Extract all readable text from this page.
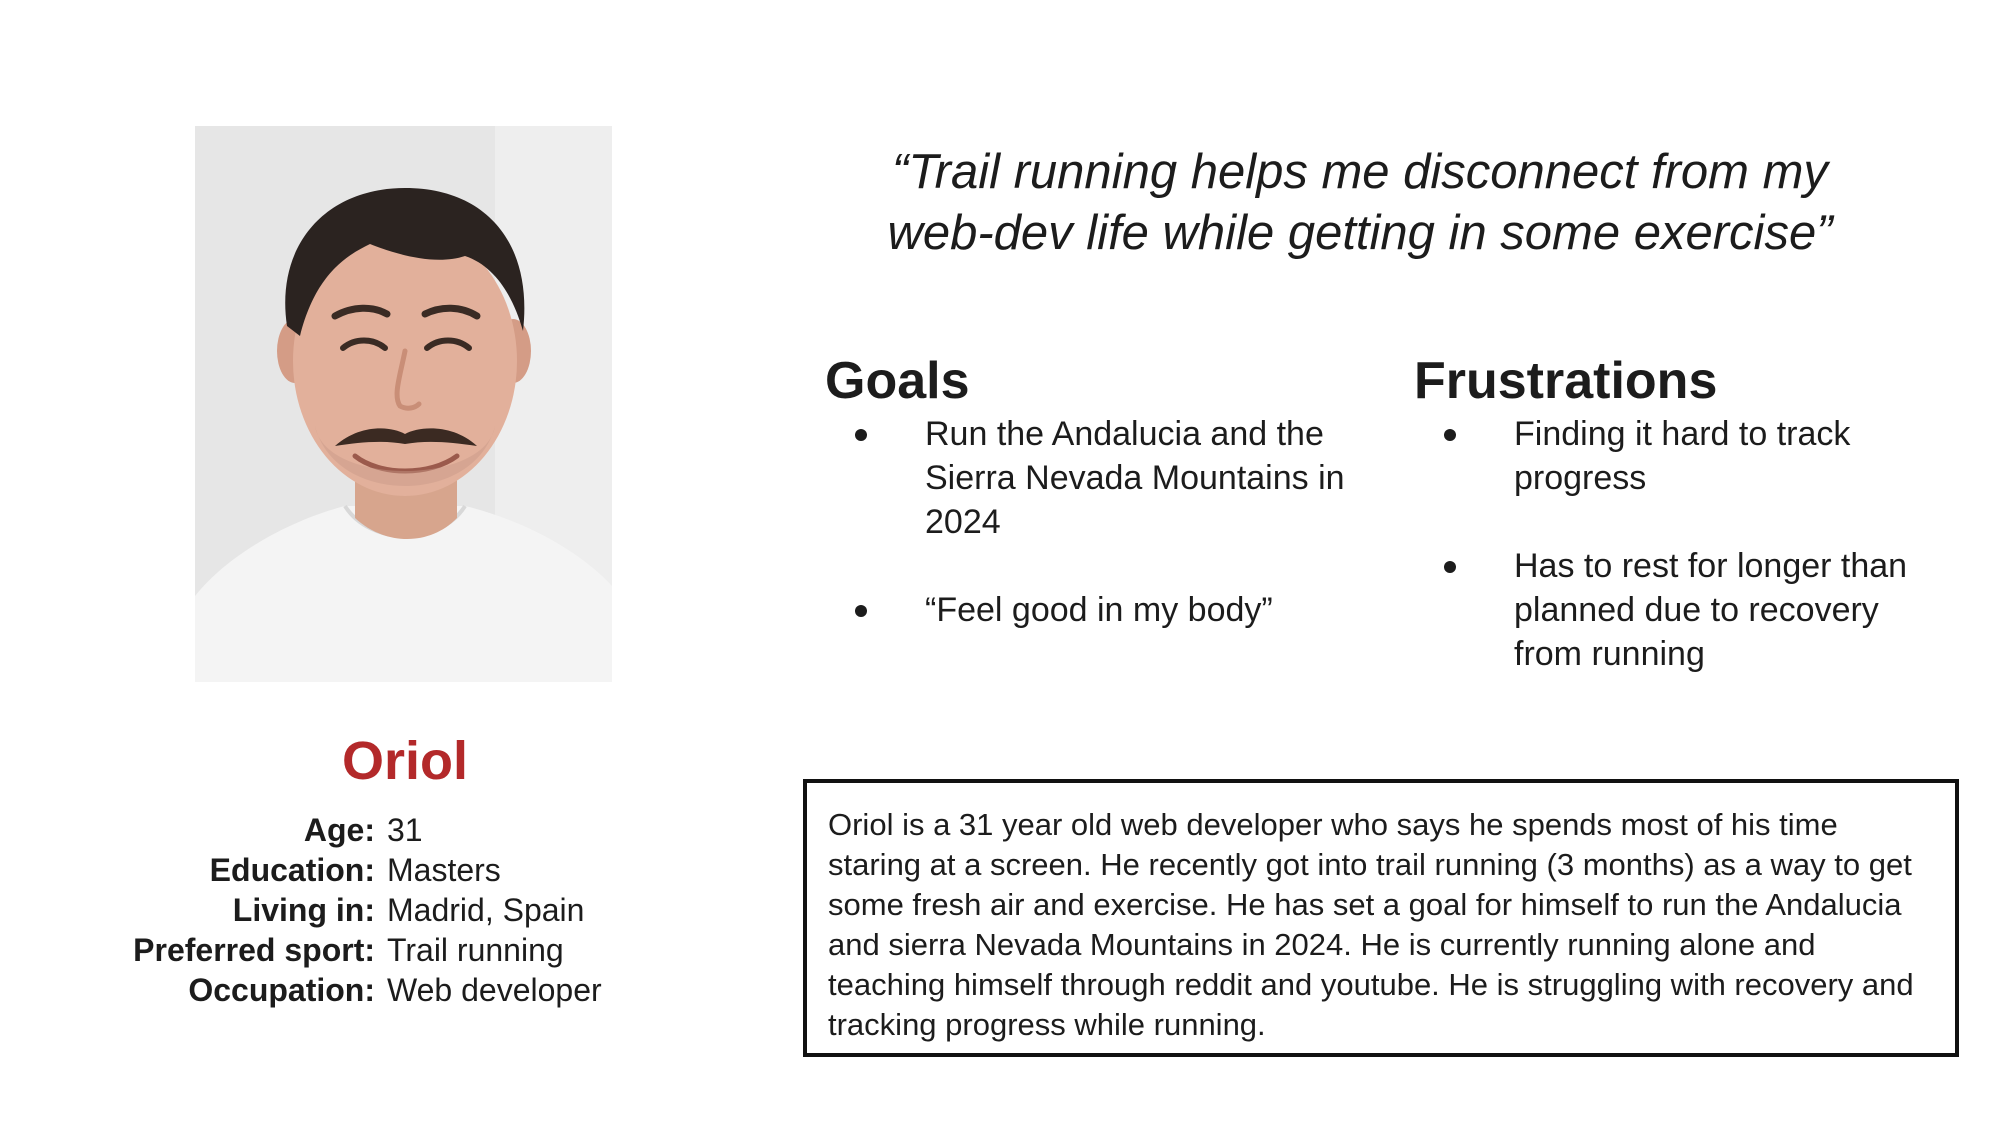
Oriol
Age: 31
Education: Masters
Living in: Madrid, Spain
Preferred sport: Trail running
Occupation: Web developer
“Trail running helps me disconnect from my
web-dev life while getting in some exercise”
Goals
Run the Andalucia and the Sierra Nevada Mountains in 2024
“Feel good in my body”
Frustrations
Finding it hard to track progress
Has to rest for longer than planned due to recovery from running
Oriol is a 31 year old web developer who says he spends most of his time staring at a screen. He recently got into trail running (3 months) as a way to get some fresh air and exercise. He has set a goal for himself to run the Andalucia and sierra Nevada Mountains in 2024. He is currently running alone and teaching himself through reddit and youtube. He is struggling with recovery and tracking progress while running.
